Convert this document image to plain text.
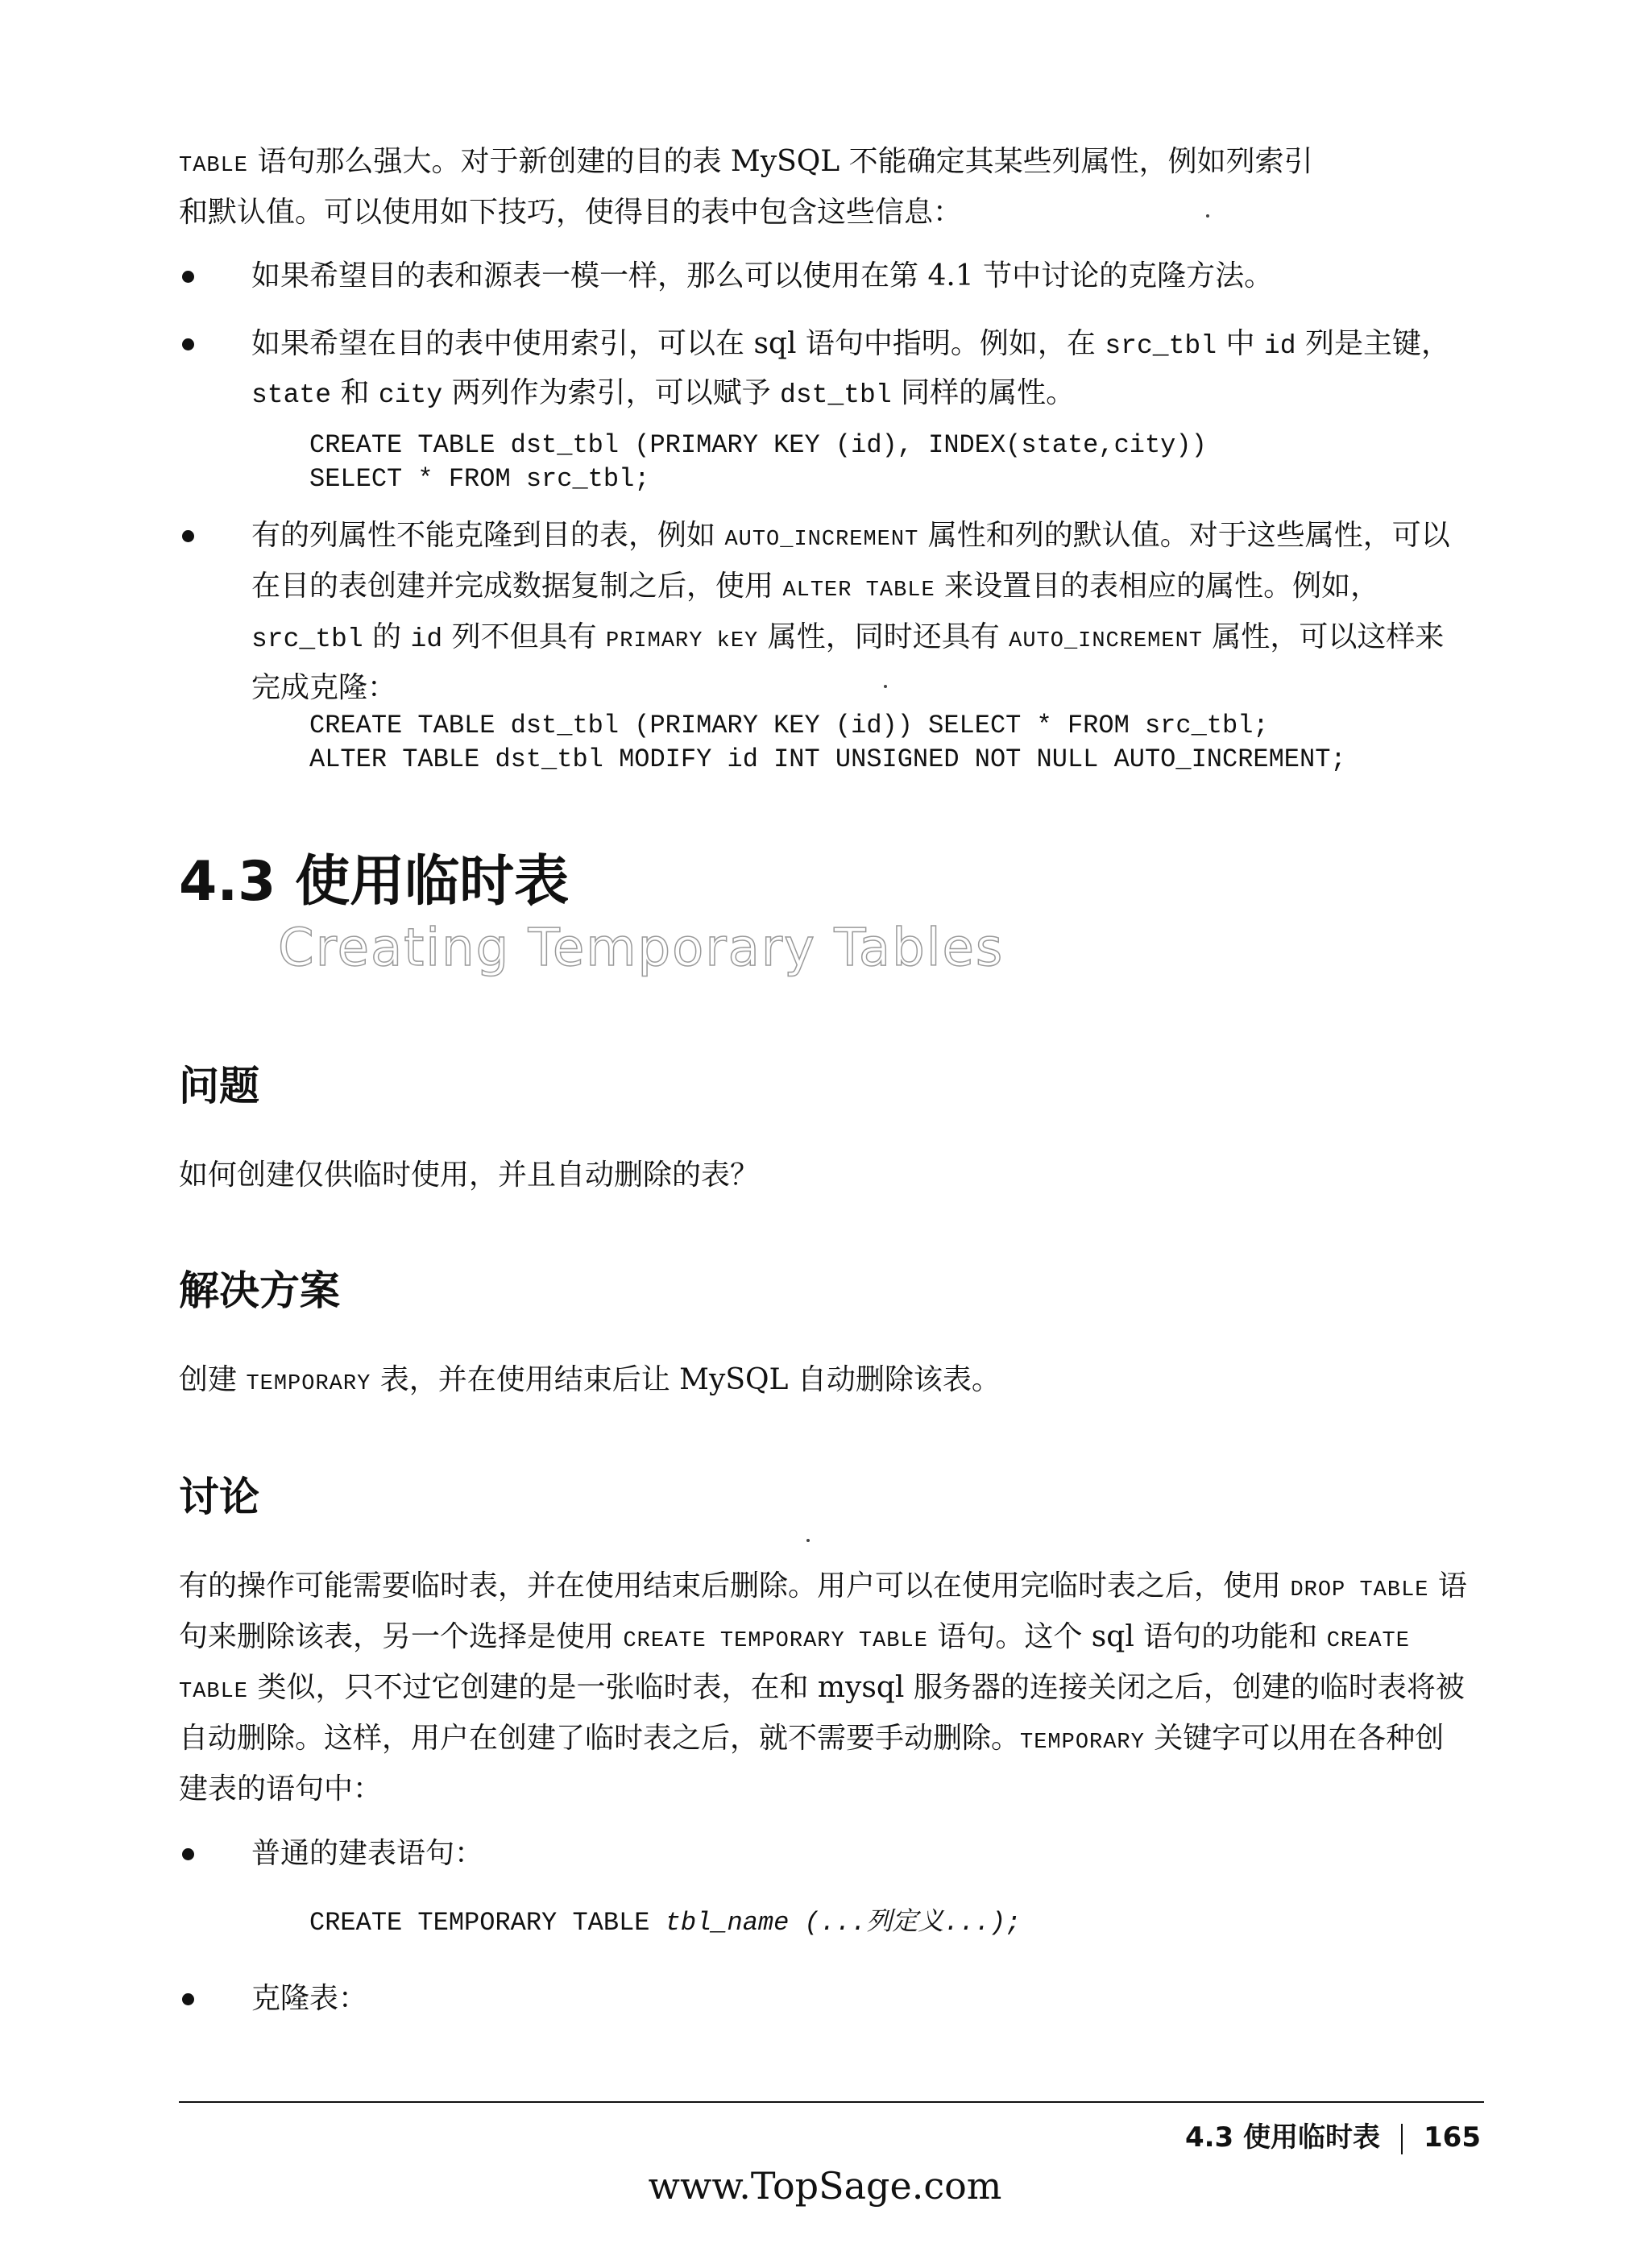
TABLE 语句那么强大。对于新创建的目的表 MySQL 不能确定其某些列属性，例如列索引
和默认值。可以使用如下技巧，使得目的表中包含这些信息：

如果希望目的表和源表一模一样，那么可以使用在第 4.1 节中讨论的克隆方法。
如果希望在目的表中使用索引，可以在 sql 语句中指明。例如，在 src_tbl 中 id 列是主键，state 和 city 两列作为索引，可以赋予 dst_tbl 同样的属性。
CREATE TABLE dst_tbl (PRIMARY KEY (id), INDEX(state,city))
SELECT * FROM src_tbl;
有的列属性不能克隆到目的表，例如 AUTO_INCREMENT 属性和列的默认值。对于这些属性，可以在目的表创建并完成数据复制之后，使用 ALTER TABLE 来设置目的表相应的属性。例如，src_tbl 的 id 列不但具有 PRIMARY kEY 属性，同时还具有 AUTO_INCREMENT 属性，可以这样来完成克隆：
CREATE TABLE dst_tbl (PRIMARY KEY (id)) SELECT * FROM src_tbl;
ALTER TABLE dst_tbl MODIFY id INT UNSIGNED NOT NULL AUTO_INCREMENT;
4.3 使用临时表
Creating Temporary Tables
问题

如何创建仅供临时使用，并且自动删除的表？

解决方案

创建 TEMPORARY 表，并在使用结束后让 MySQL 自动删除该表。

讨论

有的操作可能需要临时表，并在使用结束后删除。用户可以在使用完临时表之后，使用 DROP TABLE 语句来删除该表，另一个选择是使用 CREATE TEMPORARY TABLE 语句。这个 sql 语句的功能和 CREATE TABLE 类似，只不过它创建的是一张临时表，在和 mysql 服务器的连接关闭之后，创建的临时表将被自动删除。这样，用户在创建了临时表之后，就不需要手动删除。TEMPORARY 关键字可以用在各种创建表的语句中：

普通的建表语句：
CREATE TEMPORARY TABLE tbl_name (...列定义...);
克隆表：
4.3 使用临时表 165
www.TopSage.com
